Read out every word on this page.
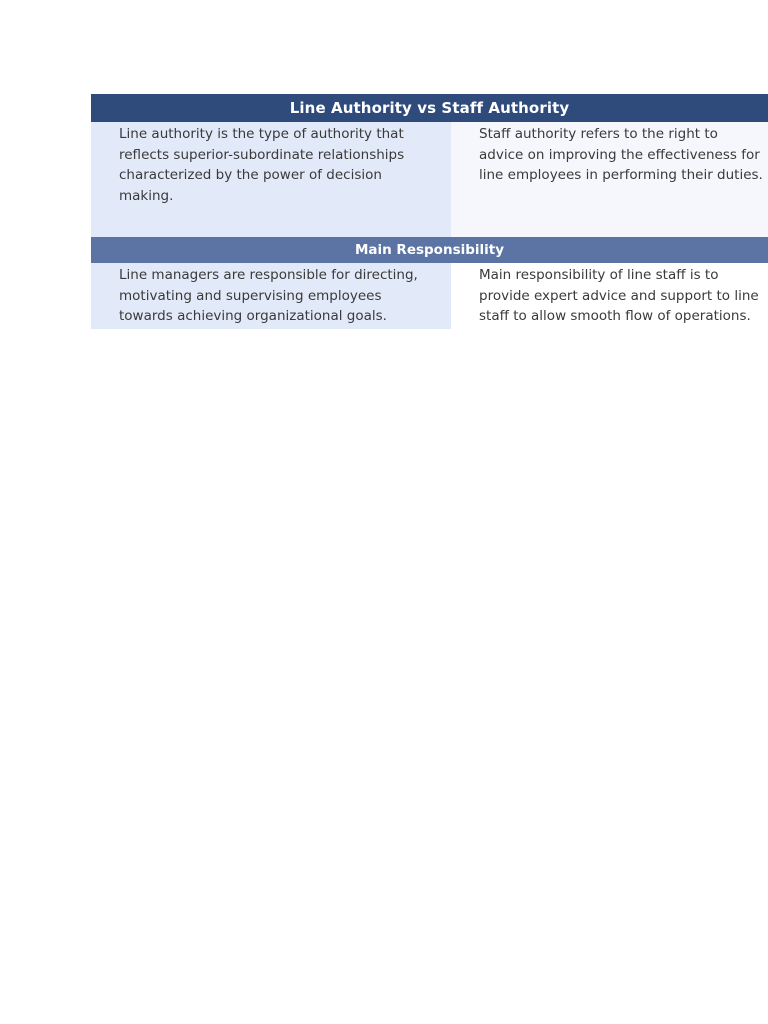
Line Authority vs Staff Authority
Line authority is the type of authority that reflects superior-subordinate relationships characterized by the power of decision making.
Staff authority refers to the right to advice on improving the effectiveness for line employees in performing their duties.
Main Responsibility
Line managers are responsible for directing, motivating and supervising employees towards achieving organizational goals.
Main responsibility of line staff is to provide expert advice and support to line staff to allow smooth flow of operations.
